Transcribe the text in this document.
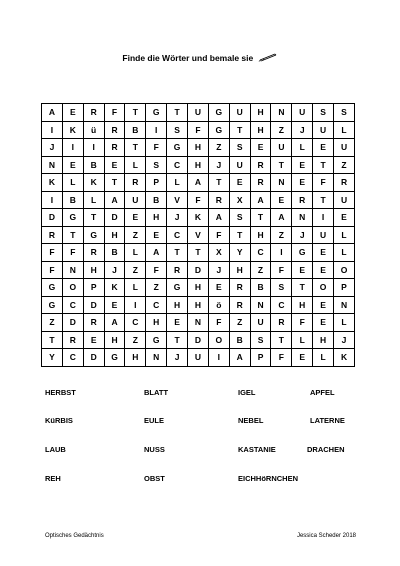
Finde die Wörter und bemale sie
A	E	R	F	T	G	T	U	G	U	H	N	U	S	S
I	K	ü	R	B	I	S	F	G	T	H	Z	J	U	L
J	I	I	R	T	F	G	H	Z	S	E	U	L	E	U
N	E	B	E	L	S	C	H	J	U	R	T	E	T	Z
K	L	K	T	R	P	L	A	T	E	R	N	E	F	R
I	B	L	A	U	B	V	F	R	X	A	E	R	T	U
D	G	T	D	E	H	J	K	A	S	T	A	N	I	E
R	T	G	H	Z	E	C	V	F	T	H	Z	J	U	L
F	F	R	B	L	A	T	T	X	Y	C	I	G	E	L
F	N	H	J	Z	F	R	D	J	H	Z	F	E	E	O
G	O	P	K	L	Z	G	H	E	R	B	S	T	O	P
G	C	D	E	I	C	H	H	ö	R	N	C	H	E	N
Z	D	R	A	C	H	E	N	F	Z	U	R	F	E	L
T	R	E	H	Z	G	T	D	O	B	S	T	L	H	J
Y	C	D	G	H	N	J	U	I	A	P	F	E	L	K
HERBST	BLATT	IGEL	APFEL
KüRBIS	EULE	NEBEL	LATERNE
LAUB	NUSS	KASTANIE	DRACHEN
REH	OBST	EICHHöRNCHEN
Optisches Gedächtnis	Jessica Scheder 2018
